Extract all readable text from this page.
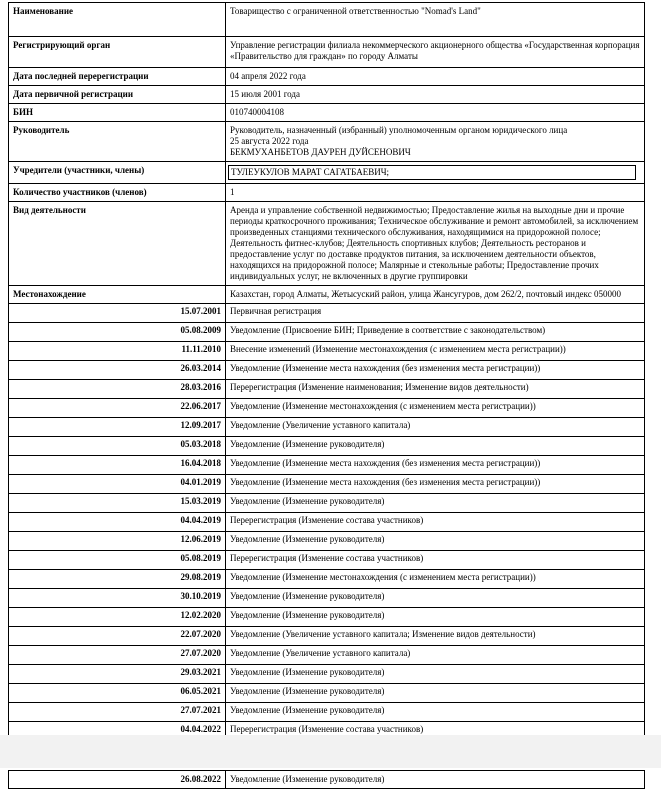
Наименование	Товарищество с ограниченной ответственностью "Nomad's Land"
Регистрирующий орган	Управление регистрации филиала некоммерческого акционерного общества «Государственная корпорация «Правительство для граждан» по городу Алматы
Дата последней перерегистрации	04 апреля 2022 года
Дата первичной регистрации	15 июля 2001 года
БИН	010740004108
Руководитель	Руководитель, назначенный (избранный) уполномоченным органом юридического лица
25 августа 2022 года
БЕКМУХАНБЕТОВ ДАУРЕН ДУЙСЕНОВИЧ

Учредители (участники, члены)	ТУЛЕУКУЛОВ МАРАТ САГАТБАЕВИЧ;
Количество участников (членов)	1
Вид деятельности	Аренда и управление собственной недвижимостью; Предоставление жилья на выходные дни и прочие периоды краткосрочного проживания; Техническое обслуживание и ремонт автомобилей, за исключением произведенных станциями технического обслуживания, находящимися на придорожной полосе; Деятельность фитнес-клубов; Деятельность спортивных клубов; Деятельность ресторанов и предоставление услуг по доставке продуктов питания, за исключением деятельности объектов, находящихся на придорожной полосе; Малярные и стекольные работы; Предоставление прочих индивидуальных услуг, не включенных в другие группировки
Местонахождение	Казахстан, город Алматы, Жетысуский район, улица Жансугуров, дом 262/2, почтовый индекс 050000
15.07.2001	Первичная регистрация
05.08.2009	Уведомление (Присвоение БИН; Приведение в соответствие с законодательством)
11.11.2010	Внесение изменений (Изменение местонахождения (с изменением места регистрации))
26.03.2014	Уведомление (Изменение места нахождения (без изменения места регистрации))
28.03.2016	Перерегистрация (Изменение наименования; Изменение видов деятельности)
22.06.2017	Уведомление (Изменение местонахождения (с изменением места регистрации))
12.09.2017	Уведомление (Увеличение уставного капитала)
05.03.2018	Уведомление (Изменение руководителя)
16.04.2018	Уведомление (Изменение места нахождения (без изменения места регистрации))
04.01.2019	Уведомление (Изменение места нахождения (без изменения места регистрации))
15.03.2019	Уведомление (Изменение руководителя)
04.04.2019	Перерегистрация (Изменение состава участников)
12.06.2019	Уведомление (Изменение руководителя)
05.08.2019	Перерегистрация (Изменение состава участников)
29.08.2019	Уведомление (Изменение местонахождения (с изменением места регистрации))
30.10.2019	Уведомление (Изменение руководителя)
12.02.2020	Уведомление (Изменение руководителя)
22.07.2020	Уведомление (Увеличение уставного капитала; Изменение видов деятельности)
27.07.2020	Уведомление (Увеличение уставного капитала)
29.03.2021	Уведомление (Изменение руководителя)
06.05.2021	Уведомление (Изменение руководителя)
27.07.2021	Уведомление (Изменение руководителя)
04.04.2022	Перерегистрация (Изменение состава участников)
26.08.2022	Уведомление (Изменение руководителя)
